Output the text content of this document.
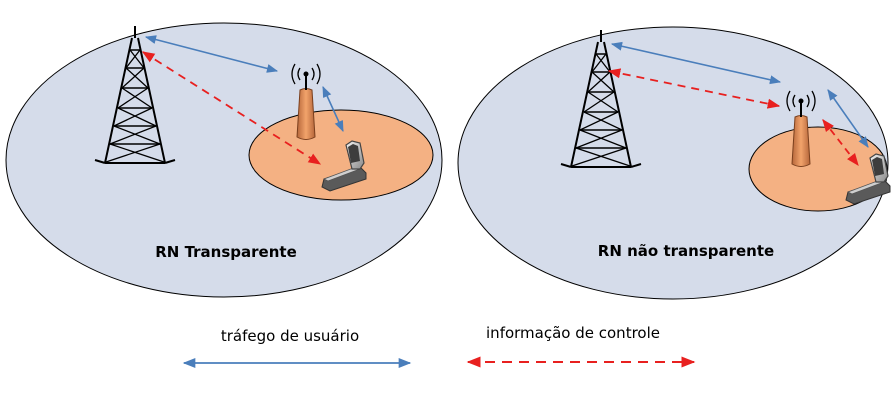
RN Transparente	RN não transparente
tráfego de usuário	informação de controle
